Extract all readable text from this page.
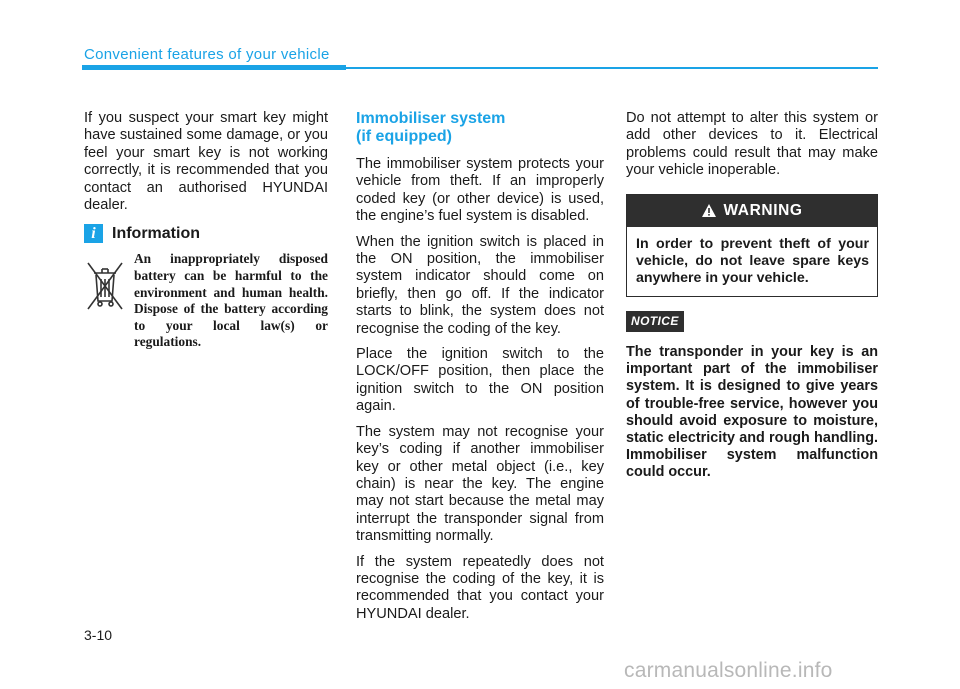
Convenient features of your vehicle

If you suspect your smart key might have sustained some damage, or you feel your smart key is not working correctly, it is recommended that you contact an authorised HYUNDAI dealer.

i	Information
An inappropriately disposed battery can be harmful to the environment and human health. Dispose of the battery according to your local law(s) or regulations.
Immobiliser system
(if equipped)

The immobiliser system protects your vehicle from theft. If an improperly coded key (or other device) is used, the engine’s fuel system is disabled.

When the ignition switch is placed in the ON position, the immobiliser system indicator should come on briefly, then go off. If the indicator starts to blink, the system does not recognise the coding of the key.

Place the ignition switch to the LOCK/OFF position, then place the ignition switch to the ON position again.

The system may not recognise your key’s coding if another immobiliser key or other metal object (i.e., key chain) is near the key. The engine may not start because the metal may interrupt the transponder signal from transmitting normally.

If the system repeatedly does not recognise the coding of the key, it is recommended that you contact your HYUNDAI dealer.

Do not attempt to alter this system or add other devices to it. Electrical problems could result that may make your vehicle inoperable.

WARNING
In order to prevent theft of your vehicle, do not leave spare keys anywhere in your vehicle.
NOTICE
The transponder in your key is an important part of the immobiliser system. It is designed to give years of trouble-free service, however you should avoid exposure to moisture, static electricity and rough handling. Immobiliser system malfunction could occur.
3-10
carmanualsonline.info
